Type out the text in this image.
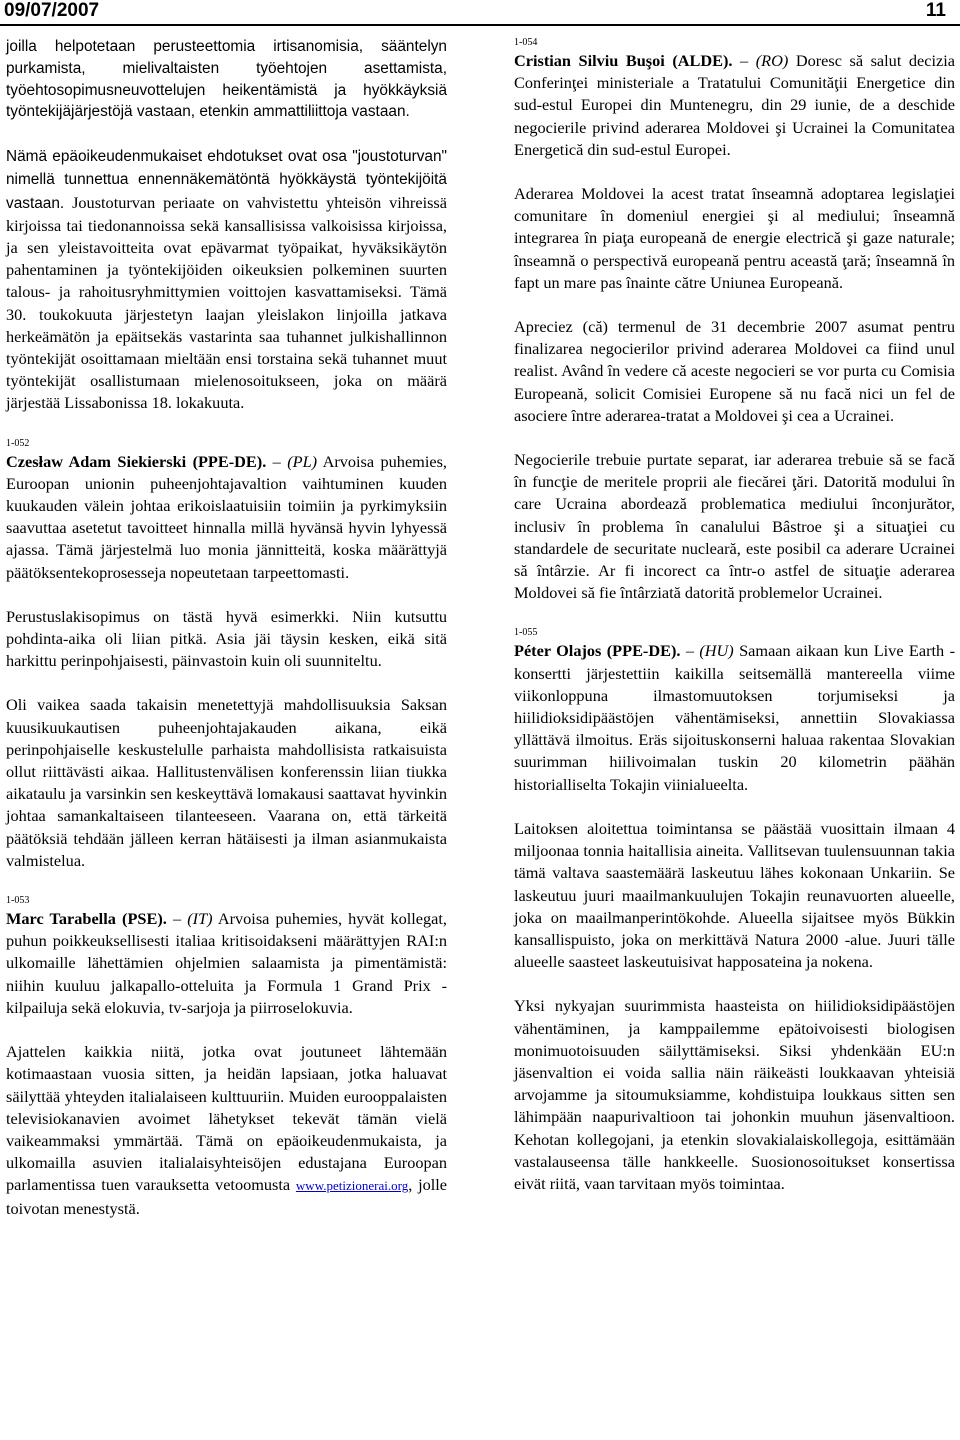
09/07/2007	11

joilla helpotetaan perusteettomia irtisanomisia, sääntelyn purkamista, mielivaltaisten työehtojen asettamista, työehtosopimusneuvottelujen heikentämistä ja hyökkäyksiä työntekijäjärjestöjä vastaan, etenkin ammattiliittoja vastaan.

Nämä epäoikeudenmukaiset ehdotukset ovat osa "joustoturvan" nimellä tunnettua ennennäkemätöntä hyökkäystä työntekijöitä vastaan. Joustoturvan periaate on vahvistettu yhteisön vihreissä kirjoissa tai tiedonannoissa sekä kansallisissa valkoisissa kirjoissa, ja sen yleistavoitteita ovat epävarmat työpaikat, hyväksikäytön pahentaminen ja työntekijöiden oikeuksien polkeminen suurten talous- ja rahoitusryhmittymien voittojen kasvattamiseksi. Tämä 30. toukokuuta järjestetyn laajan yleislakon linjoilla jatkava herkeämätön ja epäitsekäs vastarinta saa tuhannet julkishallinnon työntekijät osoittamaan mieltään ensi torstaina sekä tuhannet muut työntekijät osallistumaan mielenosoitukseen, joka on määrä järjestää Lissabonissa 18. lokakuuta.

1-052

Czesław Adam Siekierski (PPE-DE). – (PL) Arvoisa puhemies, Euroopan unionin puheenjohtajavaltion vaihtuminen kuuden kuukauden välein johtaa erikoislaatuisiin toimiin ja pyrkimyksiin saavuttaa asetetut tavoitteet hinnalla millä hyvänsä hyvin lyhyessä ajassa. Tämä järjestelmä luo monia jännitteitä, koska määrättyjä päätöksentekoprosesseja nopeutetaan tarpeettomasti.

Perustuslakisopimus on tästä hyvä esimerkki. Niin kutsuttu pohdinta-aika oli liian pitkä. Asia jäi täysin kesken, eikä sitä harkittu perinpohjaisesti, päinvastoin kuin oli suunniteltu.

Oli vaikea saada takaisin menetettyjä mahdollisuuksia Saksan kuusikuukautisen puheenjohtajakauden aikana, eikä perinpohjaiselle keskustelulle parhaista mahdollisista ratkaisuista ollut riittävästi aikaa. Hallitustenvälisen konferenssin liian tiukka aikataulu ja varsinkin sen keskeyttävä lomakausi saattavat hyvinkin johtaa samankaltaiseen tilanteeseen. Vaarana on, että tärkeitä päätöksiä tehdään jälleen kerran hätäisesti ja ilman asianmukaista valmistelua.

1-053

Marc Tarabella (PSE). – (IT) Arvoisa puhemies, hyvät kollegat, puhun poikkeuksellisesti italiaa kritisoidakseni määrättyjen RAI:n ulkomaille lähettämien ohjelmien salaamista ja pimentämistä: niihin kuuluu jalkapallo-otteluita ja Formula 1 Grand Prix -kilpailuja sekä elokuvia, tv-sarjoja ja piirroselokuvia.

Ajattelen kaikkia niitä, jotka ovat joutuneet lähtemään kotimaastaan vuosia sitten, ja heidän lapsiaan, jotka haluavat säilyttää yhteyden italialaiseen kulttuuriin. Muiden eurooppalaisten televisiokanavien avoimet lähetykset tekevät tämän vielä vaikeammaksi ymmärtää. Tämä on epäoikeudenmukaista, ja ulkomailla asuvien italialaisyhteisöjen edustajana Euroopan parlamentissa tuen varauksetta vetoomusta www.petizionerai.org, jolle toivotan menestystä.

1-054

Cristian Silviu Buşoi (ALDE). – (RO) Doresc să salut decizia Conferinţei ministeriale a Tratatului Comunităţii Energetice din sud-estul Europei din Muntenegru, din 29 iunie, de a deschide negocierile privind aderarea Moldovei şi Ucrainei la Comunitatea Energetică din sud-estul Europei.

Aderarea Moldovei la acest tratat înseamnă adoptarea legislaţiei comunitare în domeniul energiei şi al mediului; înseamnă integrarea în piaţa europeană de energie electrică şi gaze naturale; înseamnă o perspectivă europeană pentru această ţară; înseamnă în fapt un mare pas înainte către Uniunea Europeană.

Apreciez (că) termenul de 31 decembrie 2007 asumat pentru finalizarea negocierilor privind aderarea Moldovei ca fiind unul realist. Având în vedere că aceste negocieri se vor purta cu Comisia Europeană, solicit Comisiei Europene să nu facă nici un fel de asociere între aderarea-tratat a Moldovei şi cea a Ucrainei.

Negocierile trebuie purtate separat, iar aderarea trebuie să se facă în funcţie de meritele proprii ale fiecărei ţări. Datorită modului în care Ucraina abordează problematica mediului înconjurător, inclusiv în problema în canalului Bâstroe şi a situaţiei cu standardele de securitate nucleară, este posibil ca aderare Ucrainei să întârzie. Ar fi incorect ca într-o astfel de situaţie aderarea Moldovei să fie întârziată datorită problemelor Ucrainei.

1-055

Péter Olajos (PPE-DE). – (HU) Samaan aikaan kun Live Earth -konsertti järjestettiin kaikilla seitsemällä mantereella viime viikonloppuna ilmastomuutoksen torjumiseksi ja hiilidioksidipäästöjen vähentämiseksi, annettiin Slovakiassa yllättävä ilmoitus. Eräs sijoituskonserni haluaa rakentaa Slovakian suurimman hiilivoimalan tuskin 20 kilometrin päähän historialliselta Tokajin viinialueelta.

Laitoksen aloitettua toimintansa se päästää vuosittain ilmaan 4 miljoonaa tonnia haitallisia aineita. Vallitsevan tuulensuunnan takia tämä valtava saastemäärä laskeutuu lähes kokonaan Unkariin. Se laskeutuu juuri maailmankuulujen Tokajin reunavuorten alueelle, joka on maailmanperintökohde. Alueella sijaitsee myös Bükkin kansallispuisto, joka on merkittävä Natura 2000 -alue. Juuri tälle alueelle saasteet laskeutuisivat happosateina ja nokena.

Yksi nykyajan suurimmista haasteista on hiilidioksidipäästöjen vähentäminen, ja kamppailemme epätoivoisesti biologisen monimuotoisuuden säilyttämiseksi. Siksi yhdenkään EU:n jäsenvaltion ei voida sallia näin räikeästi loukkaavan yhteisiä arvojamme ja sitoumuksiamme, kohdistuipa loukkaus sitten sen lähimpään naapurivaltioon tai johonkin muuhun jäsenvaltioon. Kehotan kollegojani, ja etenkin slovakialaiskollegoja, esittämään vastalauseensa tälle hankkeelle. Suosionosoitukset konsertissa eivät riitä, vaan tarvitaan myös toimintaa.
